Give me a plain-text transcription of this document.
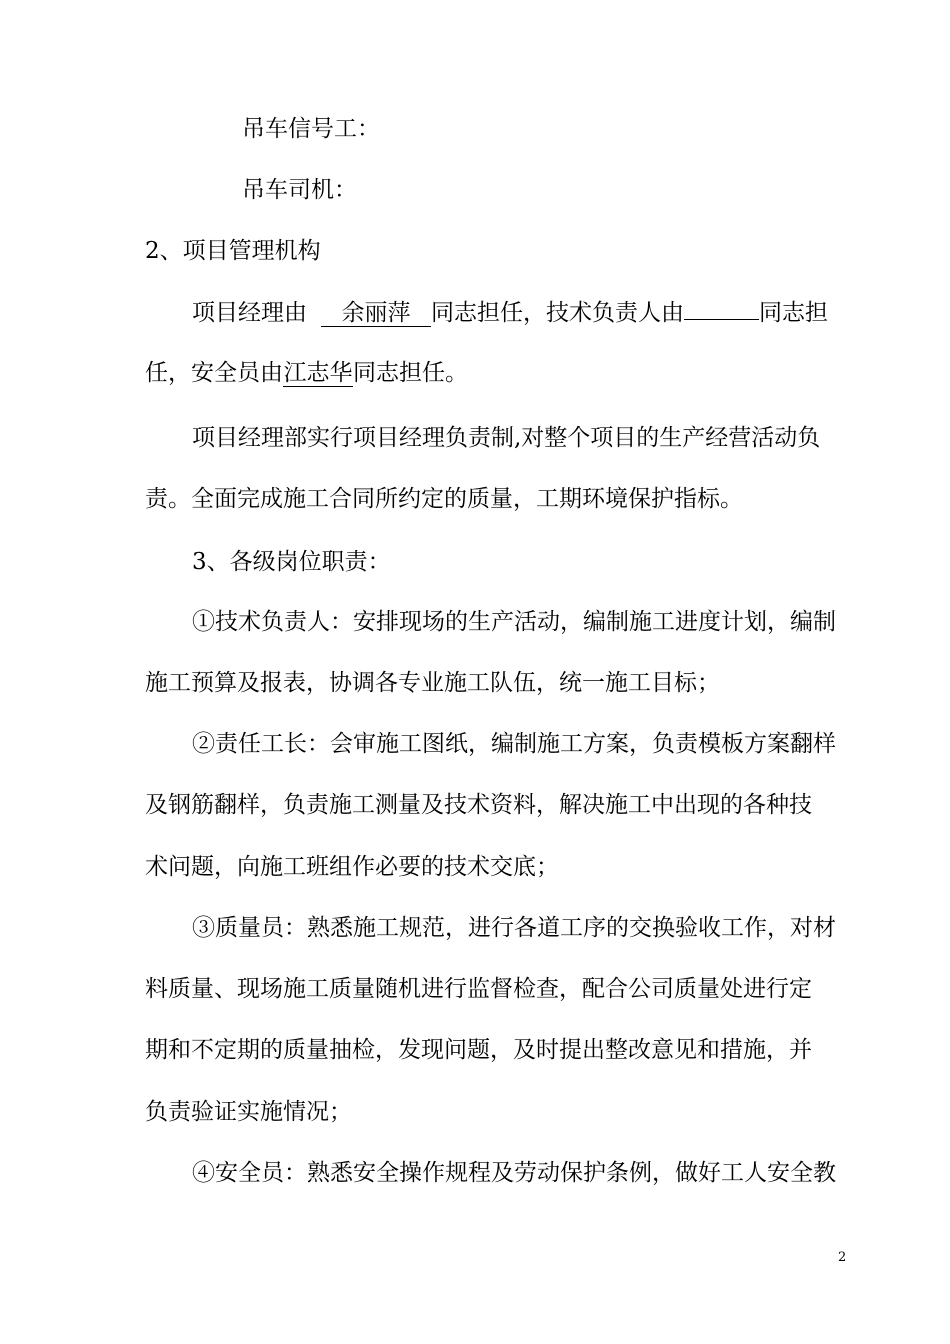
吊车信号工：
吊车司机：
2、项目管理机构
项目经理由 余丽萍 同志担任，技术负责人由	同志担
任，安全员由江志华同志担任。
项目经理部实行项目经理负责制,对整个项目的生产经营活动负
责。全面完成施工合同所约定的质量，工期环境保护指标。
3、各级岗位职责：
①技术负责人：安排现场的生产活动，编制施工进度计划，编制
施工预算及报表，协调各专业施工队伍，统一施工目标；
②责任工长：会审施工图纸，编制施工方案，负责模板方案翻样
及钢筋翻样，负责施工测量及技术资料，解决施工中出现的各种技
术问题，向施工班组作必要的技术交底；
③质量员：熟悉施工规范，进行各道工序的交换验收工作，对材
料质量、现场施工质量随机进行监督检查，配合公司质量处进行定
期和不定期的质量抽检，发现问题，及时提出整改意见和措施，并
负责验证实施情况；
④安全员：熟悉安全操作规程及劳动保护条例，做好工人安全教
2
